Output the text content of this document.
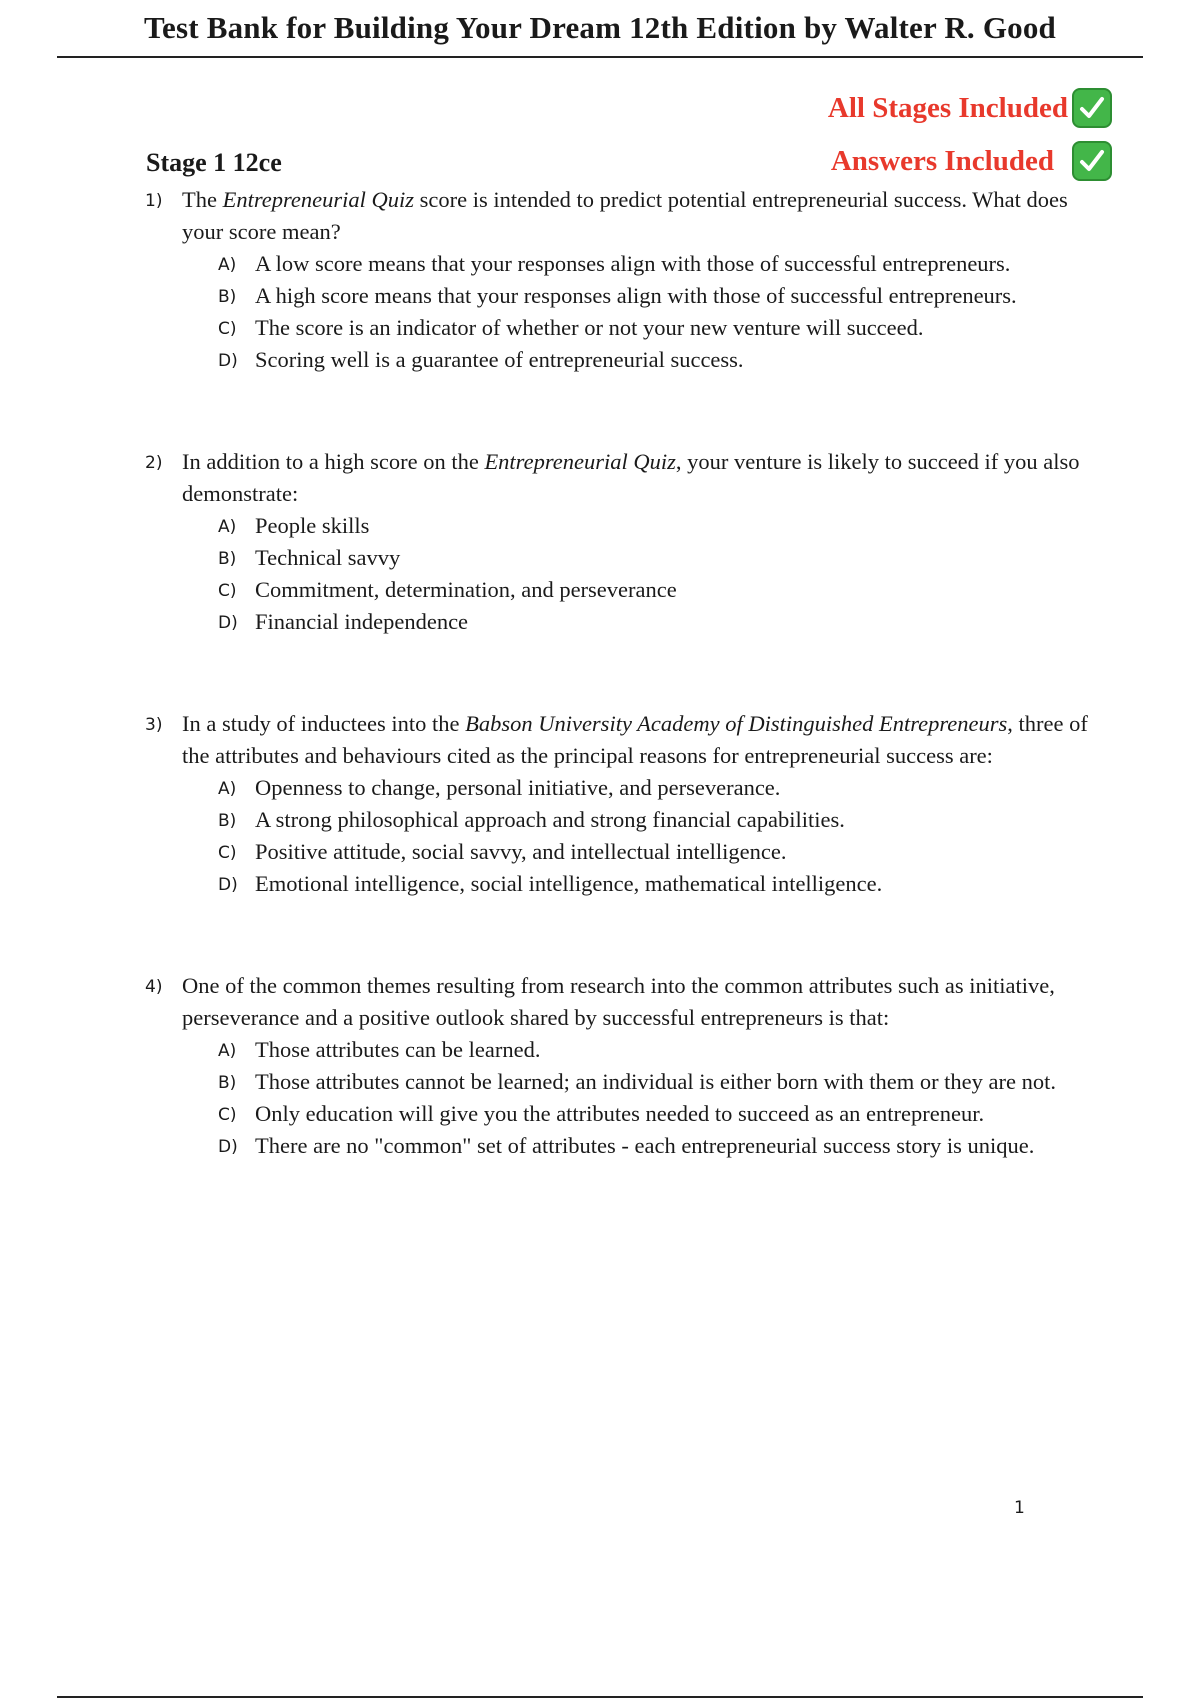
Test Bank for Building Your Dream 12th Edition by Walter R. Good
All Stages Included
Stage 1 12ce	Answers Included
1) The Entrepreneurial Quiz score is intended to predict potential entrepreneurial success. What does your score mean?
A) A low score means that your responses align with those of successful entrepreneurs.
B) A high score means that your responses align with those of successful entrepreneurs.
C) The score is an indicator of whether or not your new venture will succeed.
D) Scoring well is a guarantee of entrepreneurial success.
2) In addition to a high score on the Entrepreneurial Quiz, your venture is likely to succeed if you also demonstrate:
A) People skills
B) Technical savvy
C) Commitment, determination, and perseverance
D) Financial independence
3) In a study of inductees into the Babson University Academy of Distinguished Entrepreneurs, three of the attributes and behaviours cited as the principal reasons for entrepreneurial success are:
A) Openness to change, personal initiative, and perseverance.
B) A strong philosophical approach and strong financial capabilities.
C) Positive attitude, social savvy, and intellectual intelligence.
D) Emotional intelligence, social intelligence, mathematical intelligence.
4) One of the common themes resulting from research into the common attributes such as initiative, perseverance and a positive outlook shared by successful entrepreneurs is that:
A) Those attributes can be learned.
B) Those attributes cannot be learned; an individual is either born with them or they are not.
C) Only education will give you the attributes needed to succeed as an entrepreneur.
D) There are no "common" set of attributes - each entrepreneurial success story is unique.
1
